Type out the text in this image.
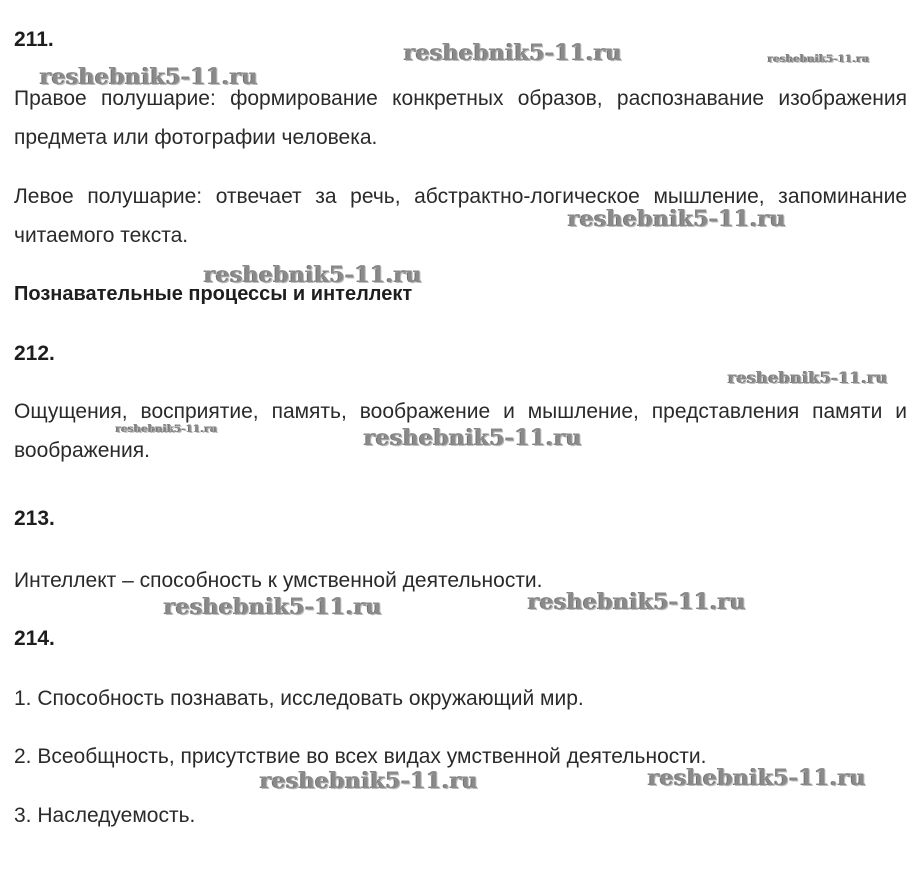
211.

Правое полушарие: формирование конкретных образов, распознавание изображения предмета или фотографии человека.

Левое полушарие: отвечает за речь, абстрактно-логическое мышление, запоминание читаемого текста.

Познавательные процессы и интеллект
212.

Ощущения, восприятие, память, воображение и мышление, представления памяти и воображения.

213.

Интеллект – способность к умственной деятельности.

214.
1. Способность познавать, исследовать окружающий мир.
2. Всеобщность, присутствие во всех видах умственной деятельности.
3. Наследуемость.
reshebnik5-11.ru	reshebnik5-11.ru
reshebnik5-11.ru
reshebnik5-11.ru
reshebnik5-11.ru
reshebnik5-11.ru
reshebnik5-11.ru	reshebnik5-11.ru
reshebnik5-11.ru
reshebnik5-11.ru
reshebnik5-11.ru
reshebnik5-11.ru
